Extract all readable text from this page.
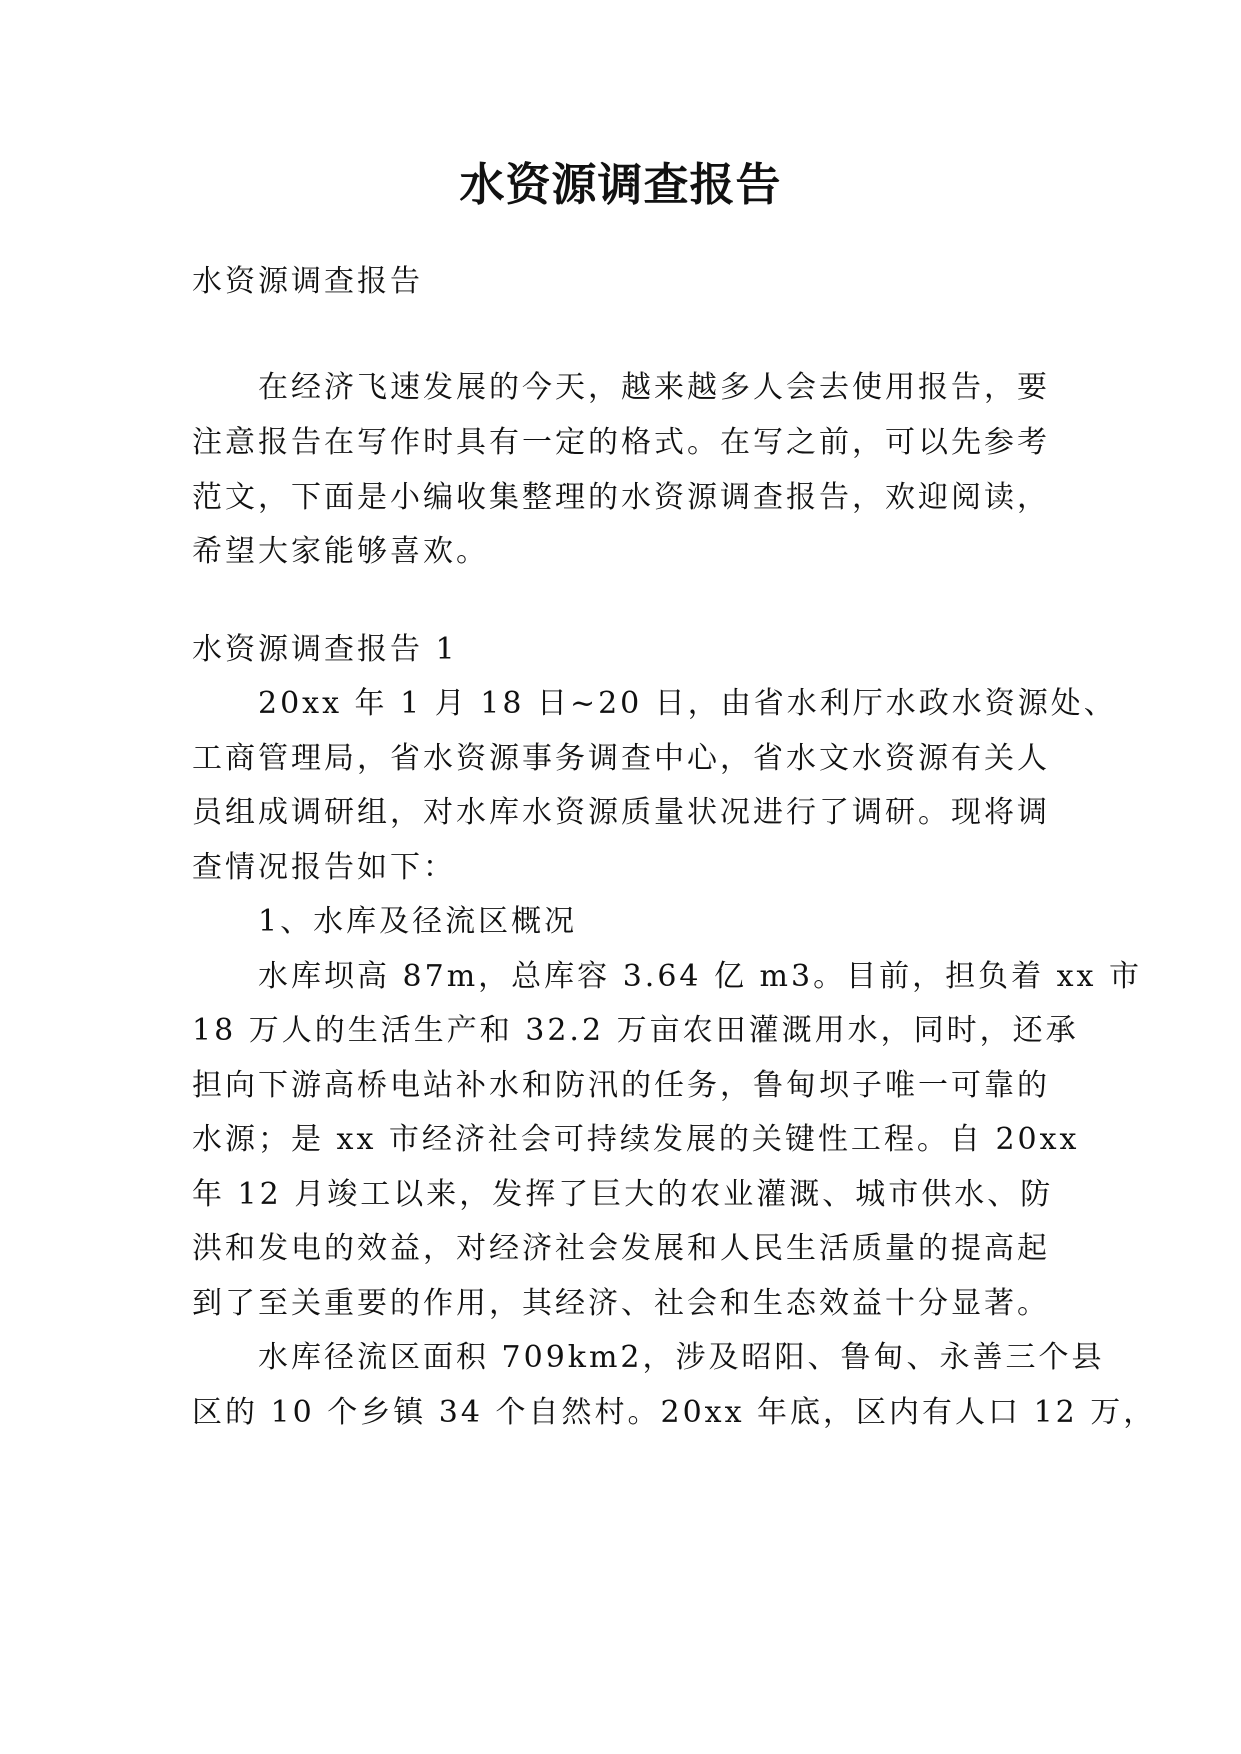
水资源调查报告
水资源调查报告
在经济飞速发展的今天，越来越多人会去使用报告，要
注意报告在写作时具有一定的格式。在写之前，可以先参考
范文，下面是小编收集整理的水资源调查报告，欢迎阅读，
希望大家能够喜欢。
水资源调查报告 1
20xx 年 1 月 18 日~20 日，由省水利厅水政水资源处、
工商管理局，省水资源事务调查中心，省水文水资源有关人
员组成调研组，对水库水资源质量状况进行了调研。现将调
查情况报告如下：
1、水库及径流区概况
水库坝高 87m，总库容 3.64 亿 m3。目前，担负着 xx 市
18 万人的生活生产和 32.2 万亩农田灌溉用水，同时，还承
担向下游高桥电站补水和防汛的任务，鲁甸坝子唯一可靠的
水源；是 xx 市经济社会可持续发展的关键性工程。自 20xx
年 12 月竣工以来，发挥了巨大的农业灌溉、城市供水、防
洪和发电的效益，对经济社会发展和人民生活质量的提高起
到了至关重要的作用，其经济、社会和生态效益十分显著。
水库径流区面积 709km2，涉及昭阳、鲁甸、永善三个县
区的 10 个乡镇 34 个自然村。20xx 年底，区内有人口 12 万，
